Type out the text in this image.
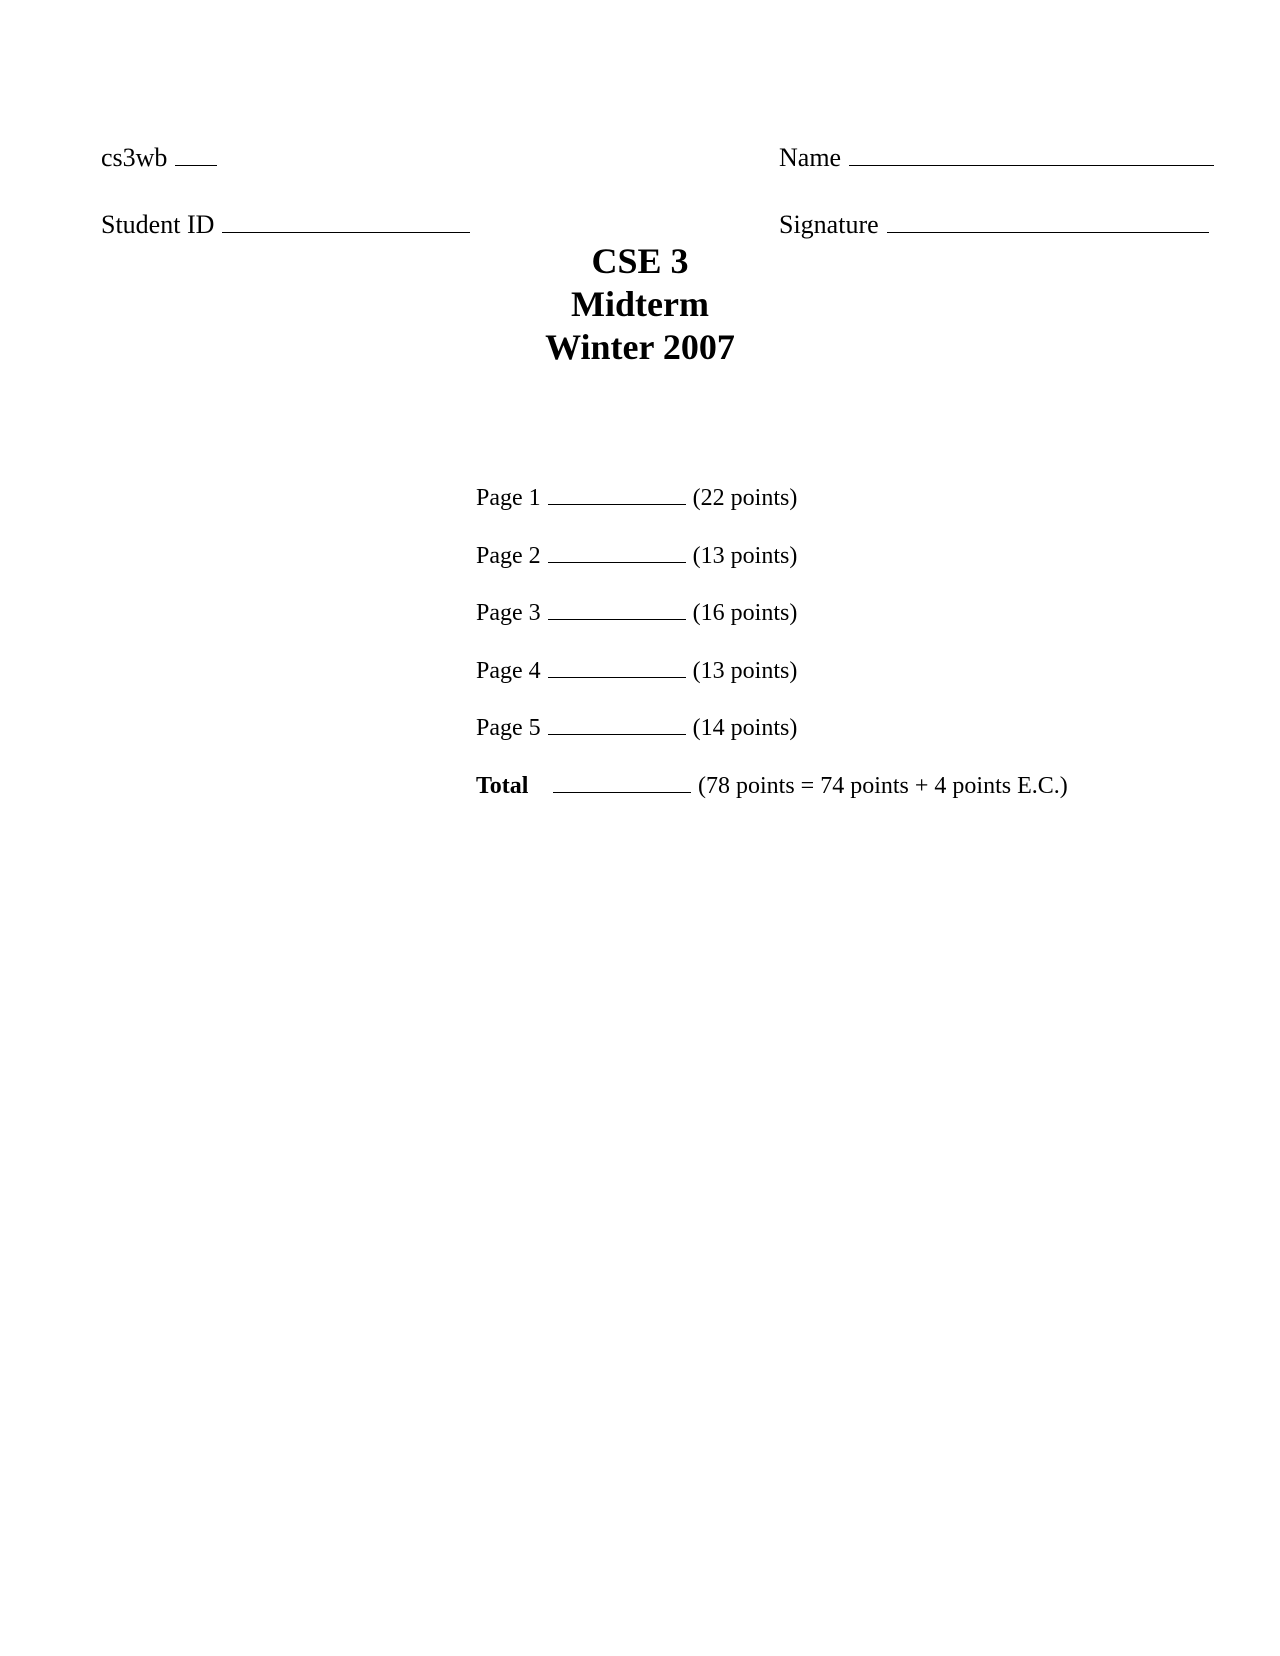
cs3wb
	Name

Student ID
	Signature

CSE 3
Midterm
Winter 2007

Page 1	(22 points)

Page 2	(13 points)

Page 3	(16 points)

Page 4	(13 points)

Page 5	(14 points)

Total	(78 points = 74 points + 4 points E.C.)
